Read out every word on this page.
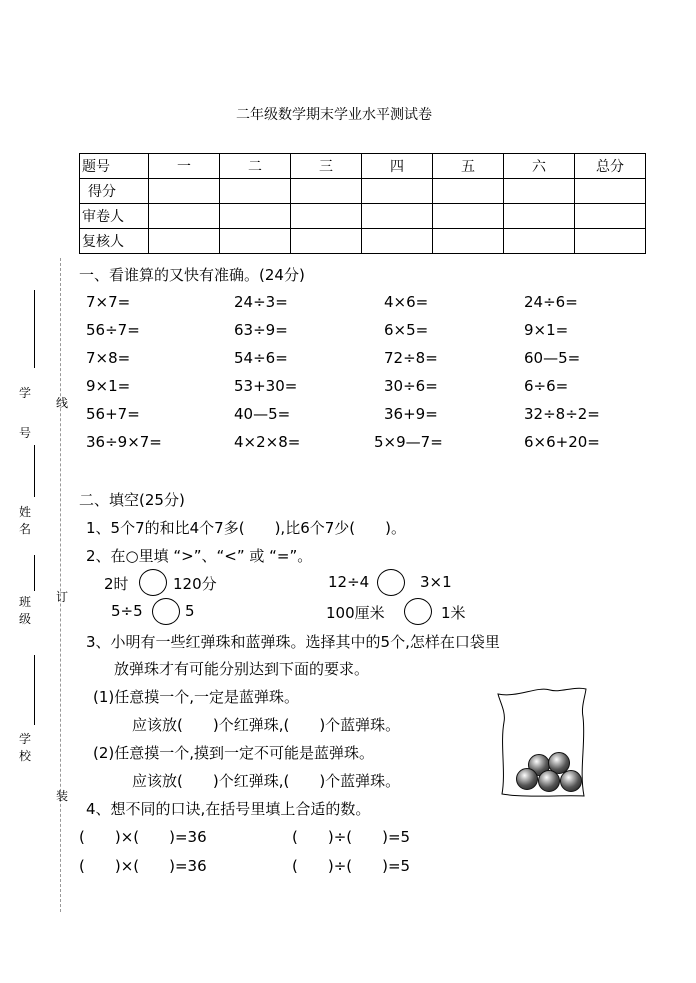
二年级数学期末学业水平测试卷
题号	一	二	三	四	五	六	总分
得分							
审卷人							
复核人							
学号
线
姓名
班级
订
学校
装
一、看谁算的又快有准确。(24分)
7×7=	24÷3=	4×6=	24÷6=
56÷7=	63÷9=	6×5=	9×1=
7×8=	54÷6=	72÷8=	60—5=
9×1=	53+30=	30÷6=	6÷6=
56+7=	40—5=	36+9=	32÷8÷2=
36÷9×7=	4×2×8=	5×9—7=	6×6+20=
二、填空(25分)
1、5个7的和比4个7多(　　),比6个7少(　　)。
2、在○里填 “>”、“<” 或 “=”。
2时	120分	12÷4	3×1
5÷5	5	100厘米	1米
3、小明有一些红弹珠和蓝弹珠。选择其中的5个,怎样在口袋里
放弹珠才有可能分别达到下面的要求。
(1)任意摸一个,一定是蓝弹珠。
应该放(　　)个红弹珠,(　　)个蓝弹珠。
(2)任意摸一个,摸到一定不可能是蓝弹珠。
应该放(　　)个红弹珠,(　　)个蓝弹珠。
4、想不同的口诀,在括号里填上合适的数。
(　　)×(　　)=36	(　　)÷(　　)=5
(　　)×(　　)=36	(　　)÷(　　)=5
